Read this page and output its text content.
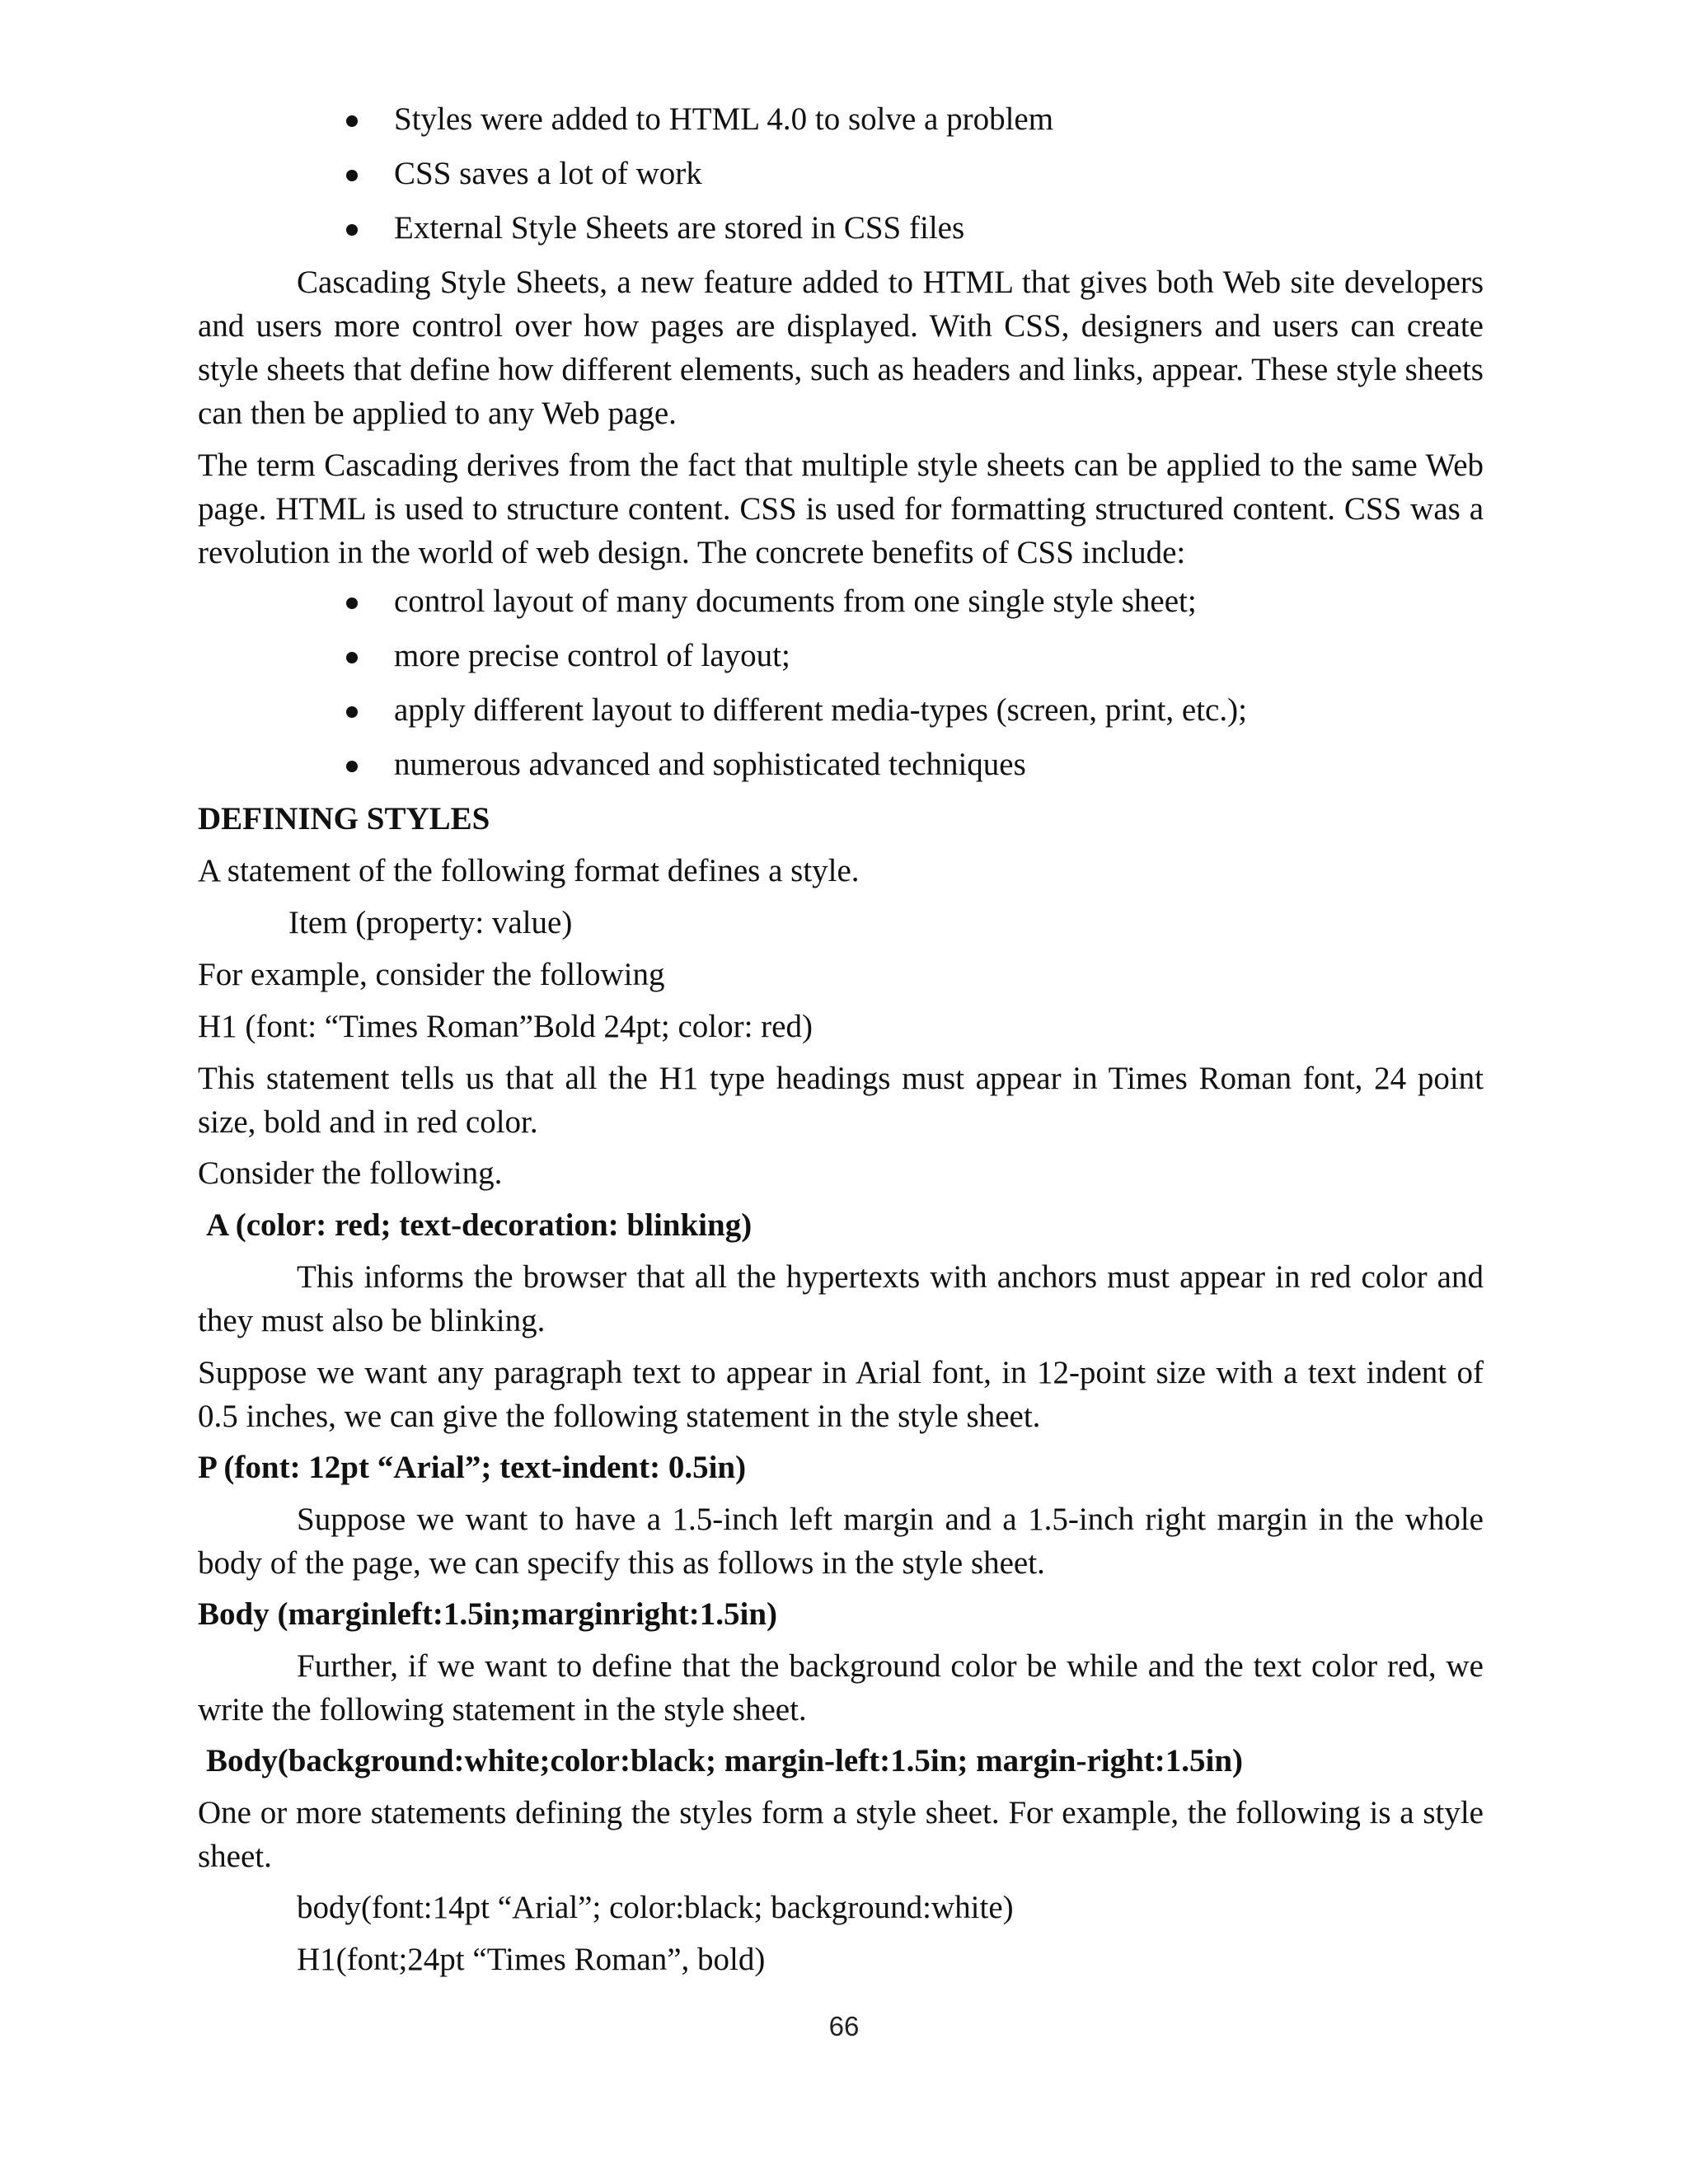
Styles were added to HTML 4.0 to solve a problem
CSS saves a lot of work
External Style Sheets are stored in CSS files

Cascading Style Sheets, a new feature added to HTML that gives both Web site developers and users more control over how pages are displayed. With CSS, designers and users can create style sheets that define how different elements, such as headers and links, appear. These style sheets can then be applied to any Web page.

The term Cascading derives from the fact that multiple style sheets can be applied to the same Web page. HTML is used to structure content. CSS is used for formatting structured content. CSS was a revolution in the world of web design. The concrete benefits of CSS include:

control layout of many documents from one single style sheet;
more precise control of layout;
apply different layout to different media-types (screen, print, etc.);
numerous advanced and sophisticated techniques
DEFINING STYLES
A statement of the following format defines a style.
Item (property: value)
For example, consider the following
H1 (font: “Times Roman”Bold 24pt; color: red)

This statement tells us that all the H1 type headings must appear in Times Roman font, 24 point size, bold and in red color.

Consider the following.
A (color: red; text-decoration: blinking)

This informs the browser that all the hypertexts with anchors must appear in red color and they must also be blinking.

Suppose we want any paragraph text to appear in Arial font, in 12-point size with a text indent of 0.5 inches, we can give the following statement in the style sheet.

P (font: 12pt “Arial”; text-indent: 0.5in)

Suppose we want to have a 1.5-inch left margin and a 1.5-inch right margin in the whole body of the page, we can specify this as follows in the style sheet.

Body (marginleft:1.5in;marginright:1.5in)

Further, if we want to define that the background color be while and the text color red, we write the following statement in the style sheet.

Body(background:white;color:black; margin-left:1.5in; margin-right:1.5in)

One or more statements defining the styles form a style sheet. For example, the following is a style sheet.

body(font:14pt “Arial”; color:black; background:white)
H1(font;24pt “Times Roman”, bold)
66
